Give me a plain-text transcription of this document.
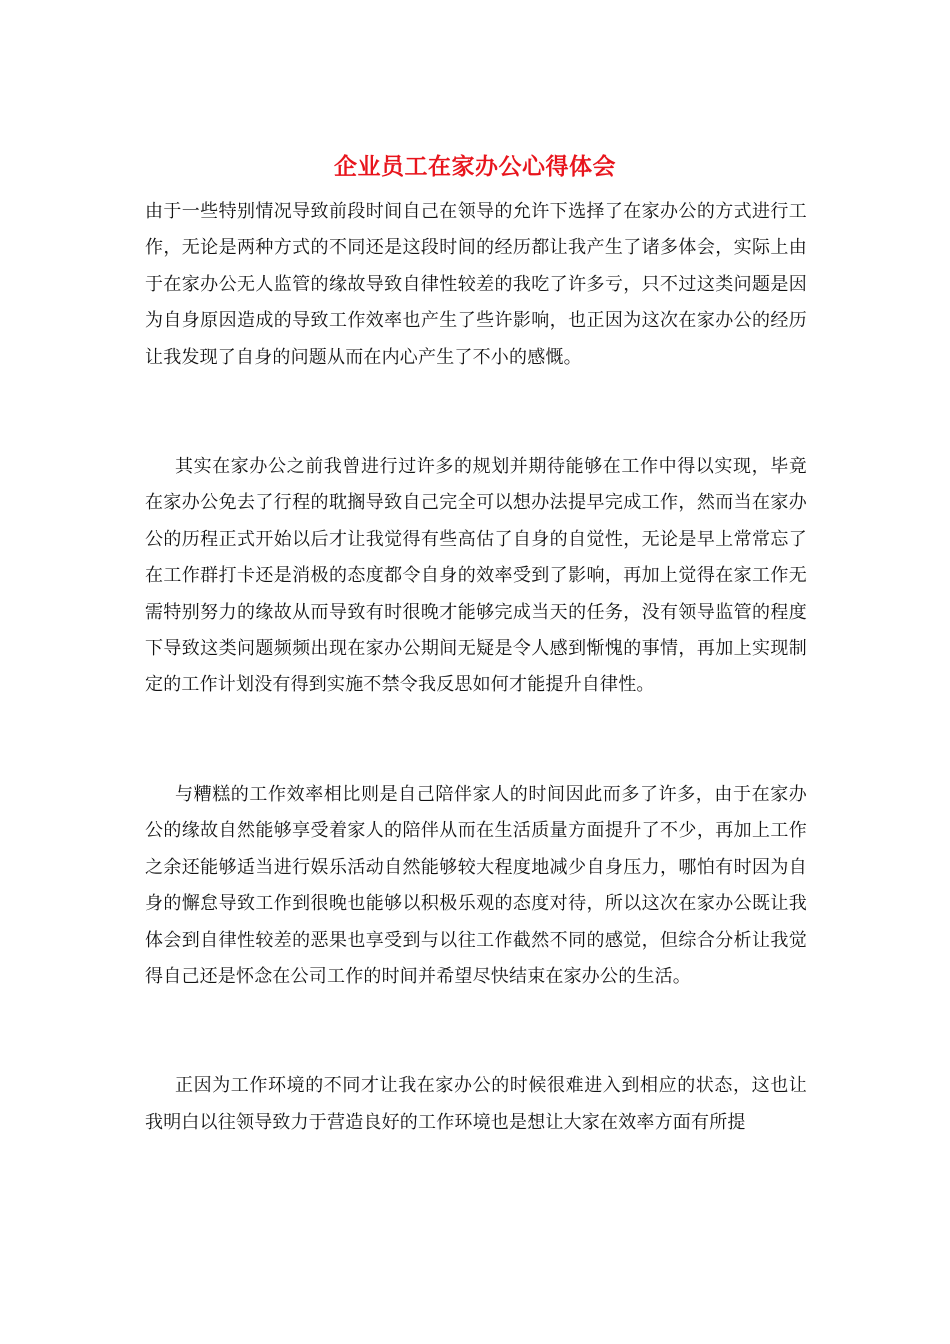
企业员工在家办公心得体会

由于一些特别情况导致前段时间自己在领导的允许下选择了在家办公的方式进行工作，无论是两种方式的不同还是这段时间的经历都让我产生了诸多体会，实际上由于在家办公无人监管的缘故导致自律性较差的我吃了许多亏，只不过这类问题是因为自身原因造成的导致工作效率也产生了些许影响，也正因为这次在家办公的经历让我发现了自身的问题从而在内心产生了不小的感慨。

其实在家办公之前我曾进行过许多的规划并期待能够在工作中得以实现，毕竟在家办公免去了行程的耽搁导致自己完全可以想办法提早完成工作，然而当在家办公的历程正式开始以后才让我觉得有些高估了自身的自觉性，无论是早上常常忘了在工作群打卡还是消极的态度都令自身的效率受到了影响，再加上觉得在家工作无需特别努力的缘故从而导致有时很晚才能够完成当天的任务，没有领导监管的程度下导致这类问题频频出现在家办公期间无疑是令人感到惭愧的事情，再加上实现制定的工作计划没有得到实施不禁令我反思如何才能提升自律性。

与糟糕的工作效率相比则是自己陪伴家人的时间因此而多了许多，由于在家办公的缘故自然能够享受着家人的陪伴从而在生活质量方面提升了不少，再加上工作之余还能够适当进行娱乐活动自然能够较大程度地减少自身压力，哪怕有时因为自身的懈怠导致工作到很晚也能够以积极乐观的态度对待，所以这次在家办公既让我体会到自律性较差的恶果也享受到与以往工作截然不同的感觉，但综合分析让我觉得自己还是怀念在公司工作的时间并希望尽快结束在家办公的生活。

正因为工作环境的不同才让我在家办公的时候很难进入到相应的状态，这也让我明白以往领导致力于营造良好的工作环境也是想让大家在效率方面有所提
